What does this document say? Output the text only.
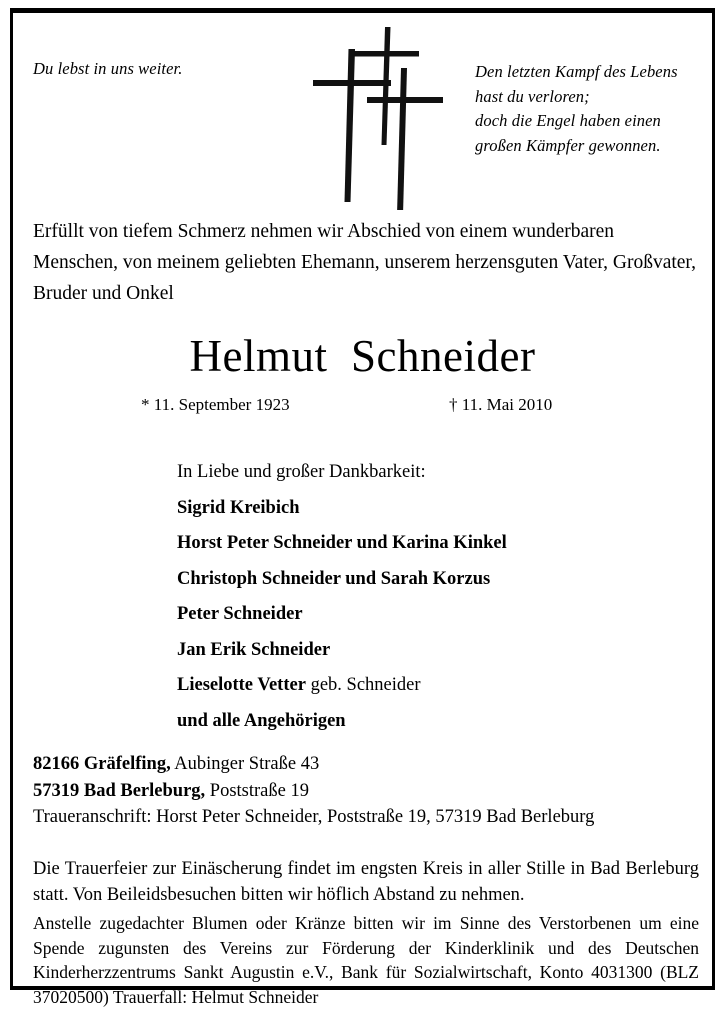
Du lebst in uns weiter.	Den letzten Kampf des Lebens
hast du verloren;
doch die Engel haben einen
großen Kämpfer gewonnen.
Erfüllt von tiefem Schmerz nehmen wir Abschied von einem wunderbaren Menschen, von meinem geliebten Ehemann, unserem herzensguten Vater, Großvater, Bruder und Onkel
Helmut  Schneider
* 11. September 1923	† 11. Mai 2010
In Liebe und großer Dankbarkeit:
Sigrid Kreibich
Horst Peter Schneider und Karina Kinkel
Christoph Schneider und Sarah Korzus
Peter Schneider
Jan Erik Schneider
Lieselotte Vetter geb. Schneider
und alle Angehörigen
82166 Gräfelfing, Aubinger Straße 43
57319 Bad Berleburg, Poststraße 19
Traueranschrift: Horst Peter Schneider, Poststraße 19, 57319 Bad Berleburg
Die Trauerfeier zur Einäscherung findet im engsten Kreis in aller Stille in Bad Berleburg statt. Von Beileidsbesuchen bitten wir höflich Abstand zu nehmen.
Anstelle zugedachter Blumen oder Kränze bitten wir im Sinne des Verstorbenen um eine Spende zugunsten des Vereins zur Förderung der Kinderklinik und des Deutschen Kinderherzzentrums Sankt Augustin e.V., Bank für Sozialwirtschaft, Konto 4031300 (BLZ 37020500) Trauerfall: Helmut Schneider
